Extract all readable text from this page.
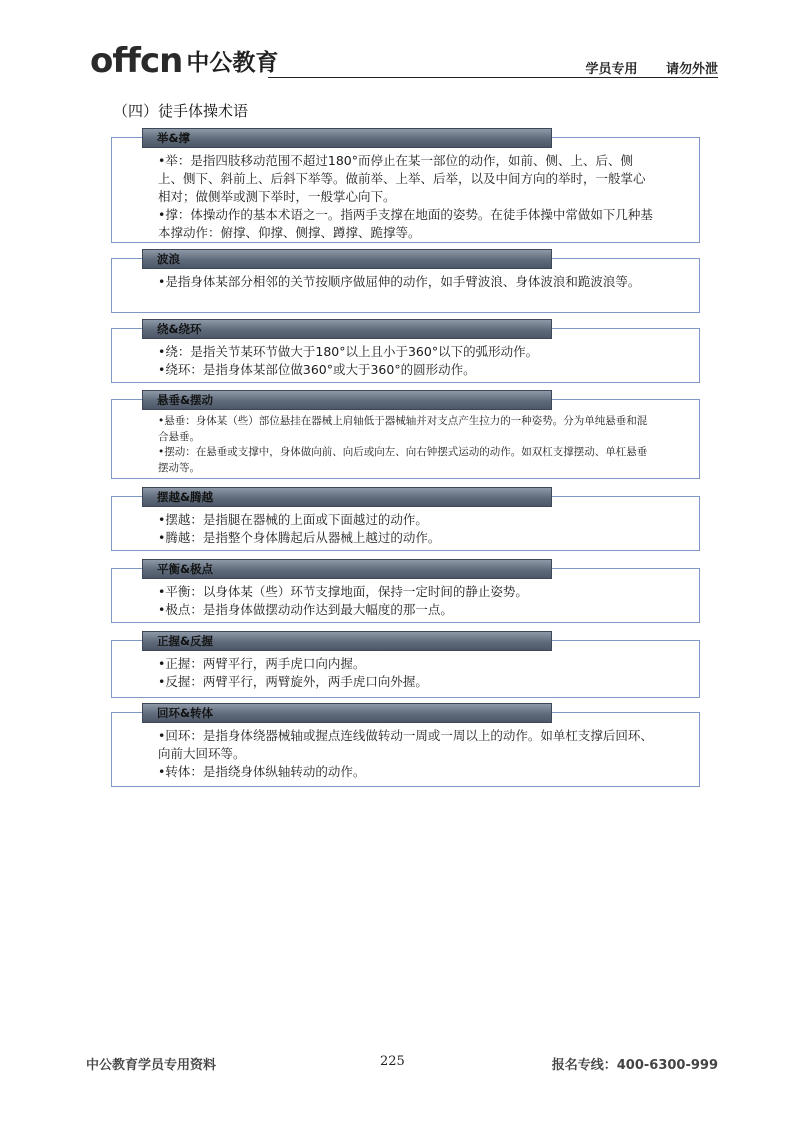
offcn 中公教育	学员专用 请勿外泄
（四）徒手体操术语
举&撑

•举：是指四肢移动范围不超过180°而停止在某一部位的动作，如前、侧、上、后、侧上、侧下、斜前上、后斜下举等。做前举、上举、后举，以及中间方向的举时，一般掌心相对；做侧举或测下举时，一般掌心向下。

•撑：体操动作的基本术语之一。指两手支撑在地面的姿势。在徒手体操中常做如下几种基本撑动作：俯撑、仰撑、侧撑、蹲撑、跪撑等。

波浪

•是指身体某部分相邻的关节按顺序做屈伸的动作，如手臂波浪、身体波浪和跪波浪等。

绕&绕环

•绕：是指关节某环节做大于180°以上且小于360°以下的弧形动作。

•绕环：是指身体某部位做360°或大于360°的圆形动作。

悬垂&摆动

•悬垂：身体某（些）部位悬挂在器械上肩轴低于器械轴并对支点产生拉力的一种姿势。分为单纯悬垂和混合悬垂。

•摆动：在悬垂或支撑中，身体做向前、向后或向左、向右钟摆式运动的动作。如双杠支撑摆动、单杠悬垂摆动等。

摆越&腾越

•摆越：是指腿在器械的上面或下面越过的动作。

•腾越：是指整个身体腾起后从器械上越过的动作。

平衡&极点

•平衡：以身体某（些）环节支撑地面，保持一定时间的静止姿势。

•极点：是指身体做摆动动作达到最大幅度的那一点。

正握&反握

•正握：两臂平行，两手虎口向内握。

•反握：两臂平行，两臂旋外，两手虎口向外握。

回环&转体

•回环：是指身体绕器械轴或握点连线做转动一周或一周以上的动作。如单杠支撑后回环、向前大回环等。

•转体：是指绕身体纵轴转动的动作。

中公教育学员专用资料	225	报名专线：400-6300-999
